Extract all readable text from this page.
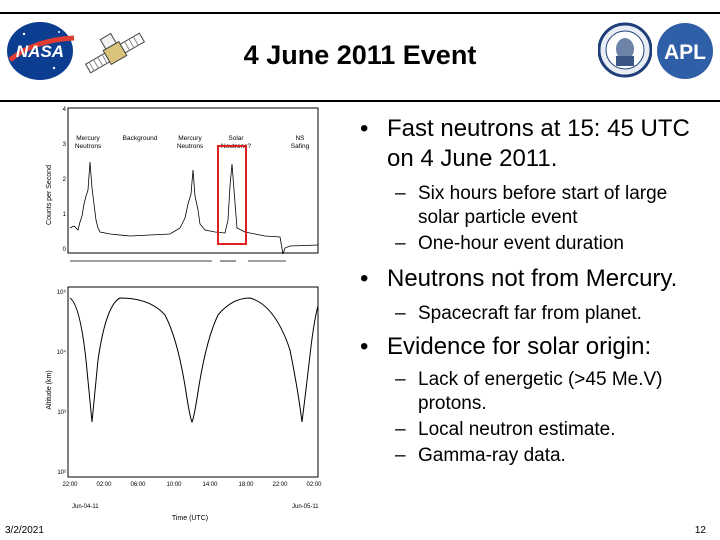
NASA	4 June 2011 Event	APL
Counts per Second
4
3
2
1
0
Mercury
Neutrons
Background	Mercury
Neutrons
Solar
Neutrons?
NS
Safing
Altitude (km)
10⁵
10⁴
10³
10²
22:00	02:00	06:00	10:00	14:00	18:00	22:00	02:00
Jun-04-11	Jun-05-11
Time (UTC)
• Fast neutrons at 15: 45 UTC on 4 June 2011.
– Six hours before start of large solar particle event
– One-hour event duration
• Neutrons not from Mercury.
– Spacecraft far from planet.
• Evidence for solar origin:
– Lack of energetic (>45 Me.V) protons.
– Local neutron estimate.
– Gamma-ray data.
3/2/2021	12
